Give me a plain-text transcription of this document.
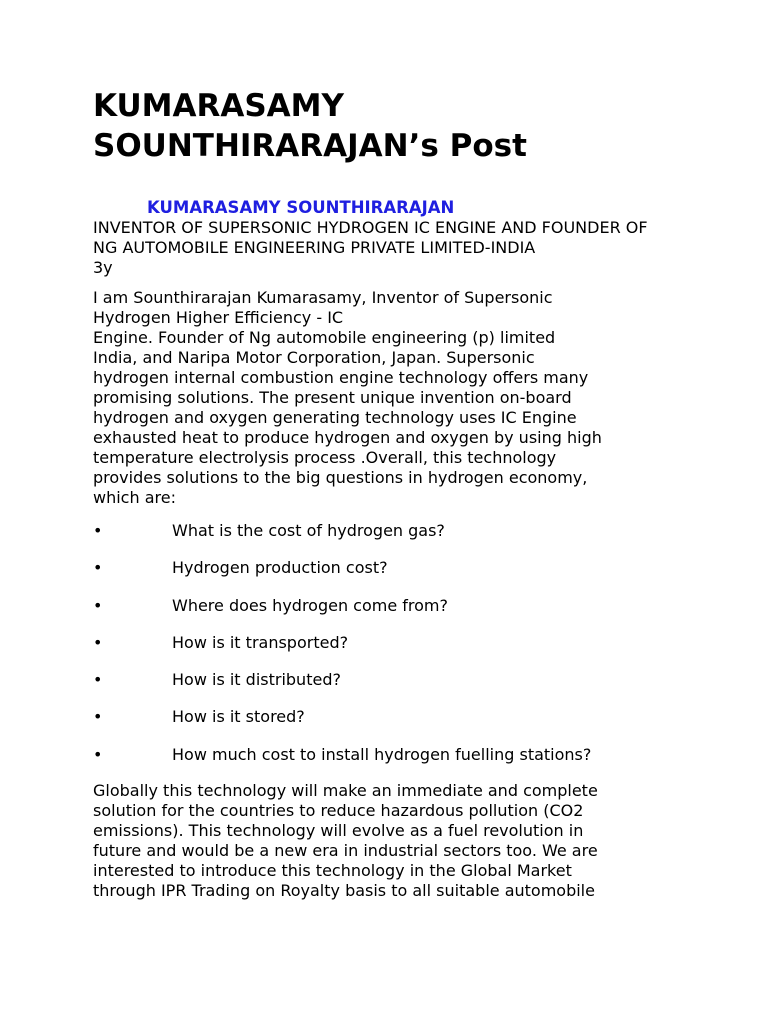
KUMARASAMY
SOUNTHIRARAJAN’s Post
KUMARASAMY SOUNTHIRARAJAN

INVENTOR OF SUPERSONIC HYDROGEN IC ENGINE AND FOUNDER OF NG AUTOMOBILE ENGINEERING PRIVATE LIMITED-INDIA

3y

I am Sounthirarajan Kumarasamy, Inventor of Supersonic
Hydrogen Higher Efficiency - IC
Engine. Founder of Ng automobile engineering (p) limited
India, and Naripa Motor Corporation, Japan. Supersonic
hydrogen internal combustion engine technology offers many
promising solutions. The present unique invention on-board
hydrogen and oxygen generating technology uses IC Engine
exhausted heat to produce hydrogen and oxygen by using high
temperature electrolysis process .Overall, this technology
provides solutions to the big questions in hydrogen economy,
which are:

•	What is the cost of hydrogen gas?
•	Hydrogen production cost?
•	Where does hydrogen come from?
•	How is it transported?
•	How is it distributed?
•	How is it stored?
•	How much cost to install hydrogen fuelling stations?

Globally this technology will make an immediate and complete
solution for the countries to reduce hazardous pollution (CO2
emissions). This technology will evolve as a fuel revolution in
future and would be a new era in industrial sectors too. We are
interested to introduce this technology in the Global Market
through IPR Trading on Royalty basis to all suitable automobile
